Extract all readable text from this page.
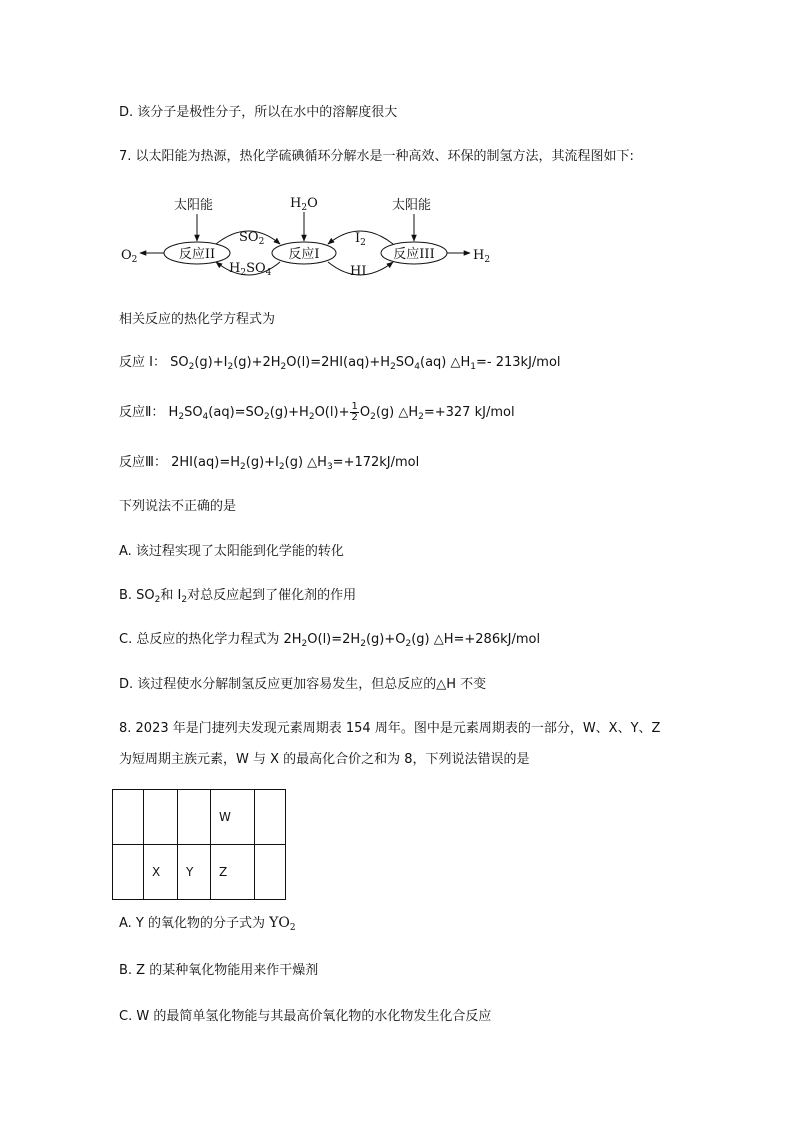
D. 该分子是极性分子，所以在水中的溶解度很大
7. 以太阳能为热源，热化学硫碘循环分解水是一种高效、环保的制氢方法，其流程图如下:
太阳能	$H_2O$	太阳能
反应II	反应I	反应III
$O_2$	$H_2$
$SO_2$
$H_2SO_4$
$I_2$
HI
相关反应的热化学方程式为
反应 I： $SO_2(g)+I_2(g)+2H_2O(l)=2HI(aq)+H_2SO_4(aq)$ $\triangle H_1=-$ 213kJ/mol
反应Ⅱ： $H_2SO_4(aq)=SO_2(g)+H_2O(l)+ \frac{1}{2} O_2(g)$ $\triangle H_2=+327$ kJ/mol
反应Ⅲ： $2HI(aq)=H_2(g)+I_2(g)$ $\triangle H_3=+172kJ$/mol
下列说法不正确的是
A. 该过程实现了太阳能到化学能的转化
B. $SO_2$和 $I_2$对总反应起到了催化剂的作用
C. 总反应的热化学力程式为 $2H_2O(l)=2H_2(g)+O_2(g)$ △H=+286kJ/mol
D. 该过程使水分解制氢反应更加容易发生，但总反应的△H 不变
8. 2023 年是门捷列夫发现元素周期表 154 周年。图中是元素周期表的一部分，W、X、Y、Z
为短周期主族元素，W 与 X 的最高化合价之和为 8，下列说法错误的是
			W	
	X	Y	Z	
A. Y 的氧化物的分子式为 $YO_2$
B. Z 的某种氧化物能用来作干燥剂
C. W 的最简单氢化物能与其最高价氧化物的水化物发生化合反应
